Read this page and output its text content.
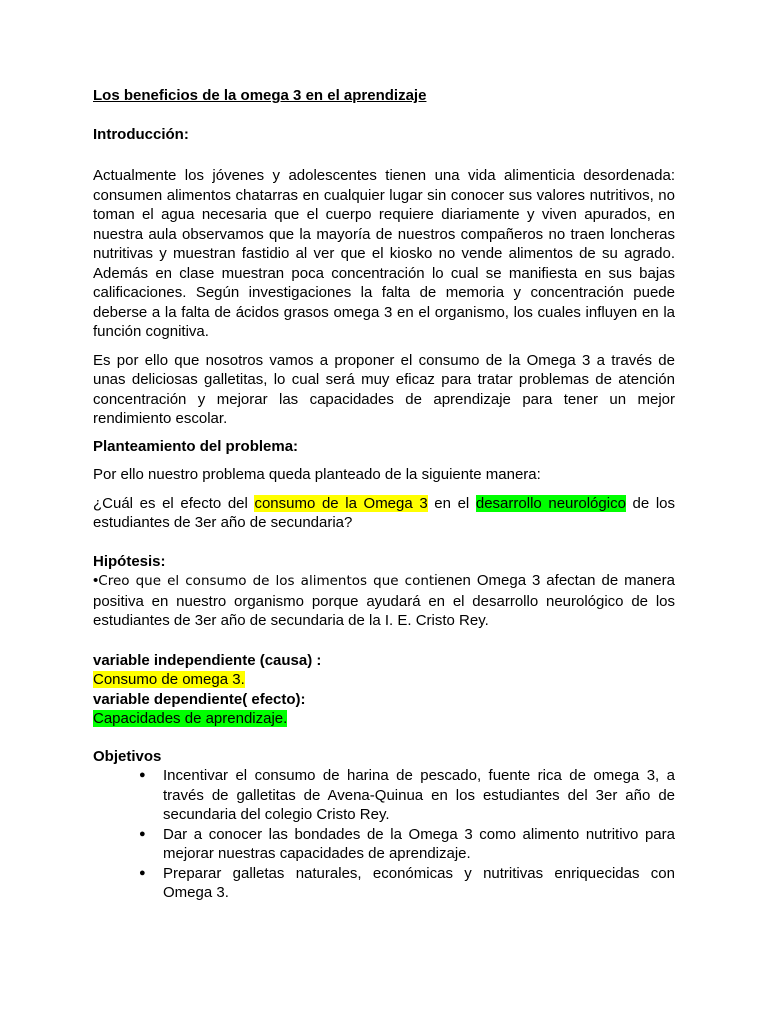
Los beneficios de la omega 3 en el aprendizaje

Introducción:

Actualmente los jóvenes y adolescentes tienen una vida alimenticia desordenada: consumen alimentos chatarras en cualquier lugar sin conocer sus valores nutritivos, no toman el agua necesaria que el cuerpo requiere diariamente y viven apurados, en nuestra aula observamos que la mayoría de nuestros compañeros no traen loncheras nutritivas y muestran fastidio al ver que el kiosko no vende alimentos de su agrado. Además en clase muestran poca concentración lo cual se manifiesta en sus bajas calificaciones. Según investigaciones la falta de memoria y concentración puede deberse a la falta de ácidos grasos omega 3 en el organismo, los cuales influyen en la función cognitiva.

Es por ello que nosotros vamos a proponer el consumo de la Omega 3 a través de unas deliciosas galletitas, lo cual será muy eficaz para tratar problemas de atención concentración y mejorar las capacidades de aprendizaje para tener un mejor rendimiento escolar.

Planteamiento del problema:

Por ello nuestro problema queda planteado de la siguiente manera:

¿Cuál es el efecto del consumo de la Omega 3 en el desarrollo neurológico de los estudiantes de 3er año de secundaria?

Hipótesis:

•Creo que el consumo de los alimentos que contienen Omega 3 afectan de manera positiva en nuestro organismo porque ayudará en el desarrollo neurológico de los estudiantes de 3er año de secundaria de la I. E. Cristo Rey.

variable independiente (causa) :

Consumo de omega 3.

variable dependiente( efecto):

Capacidades de aprendizaje.

Objetivos

● Incentivar el consumo de harina de pescado, fuente rica de omega 3, a través de galletitas de Avena-Quinua en los estudiantes del 3er año de secundaria del colegio Cristo Rey.
● Dar a conocer las bondades de la Omega 3 como alimento nutritivo para mejorar nuestras capacidades de aprendizaje.
● Preparar galletas naturales, económicas y nutritivas enriquecidas con Omega 3.
